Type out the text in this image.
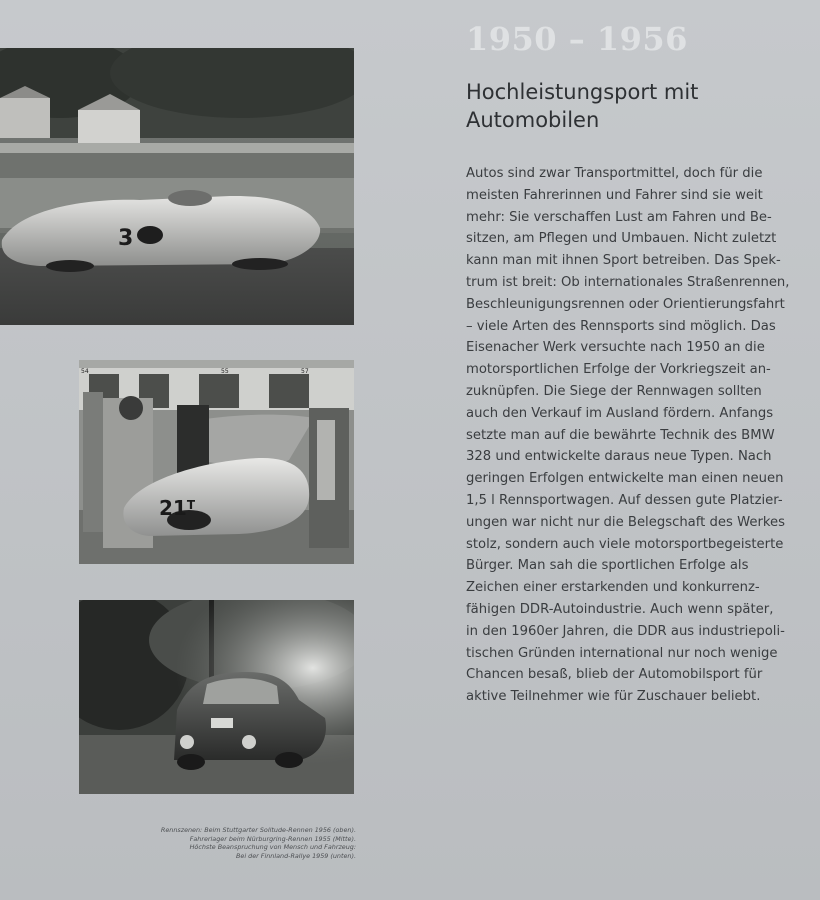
3
54	55	57
$21^T$
Rennszenen: Beim Stuttgarter Solitude-Rennen 1956 (oben).
Fahrerlager beim Nürburgring-Rennen 1955 (Mitte).
Höchste Beanspruchung von Mensch und Fahrzeug:
Bei der Finnland-Rallye 1959 (unten).
1950 – 1956
Hochleistungsport mit
Automobilen
Autos sind zwar Transportmittel, doch für die
meisten Fahrerinnen und Fahrer sind sie weit
mehr: Sie verschaffen Lust am Fahren und Be-
sitzen, am Pflegen und Umbauen. Nicht zuletzt
kann man mit ihnen Sport betreiben. Das Spek-
trum ist breit: Ob internationales Straßenrennen,
Beschleunigungsrennen oder Orientierungsfahrt
– viele Arten des Rennsports sind möglich. Das
Eisenacher Werk versuchte nach 1950 an die
motorsportlichen Erfolge der Vorkriegszeit an-
zuknüpfen. Die Siege der Rennwagen sollten
auch den Verkauf im Ausland fördern. Anfangs
setzte man auf die bewährte Technik des BMW
328 und entwickelte daraus neue Typen. Nach
geringen Erfolgen entwickelte man einen neuen
1,5 l Rennsportwagen. Auf dessen gute Platzier-
ungen war nicht nur die Belegschaft des Werkes
stolz, sondern auch viele motorsportbegeisterte
Bürger. Man sah die sportlichen Erfolge als
Zeichen einer erstarkenden und konkurrenz-
fähigen DDR-Autoindustrie. Auch wenn später,
in den 1960er Jahren, die DDR aus industriepoli-
tischen Gründen international nur noch wenige
Chancen besaß, blieb der Automobilsport für
aktive Teilnehmer wie für Zuschauer beliebt.
